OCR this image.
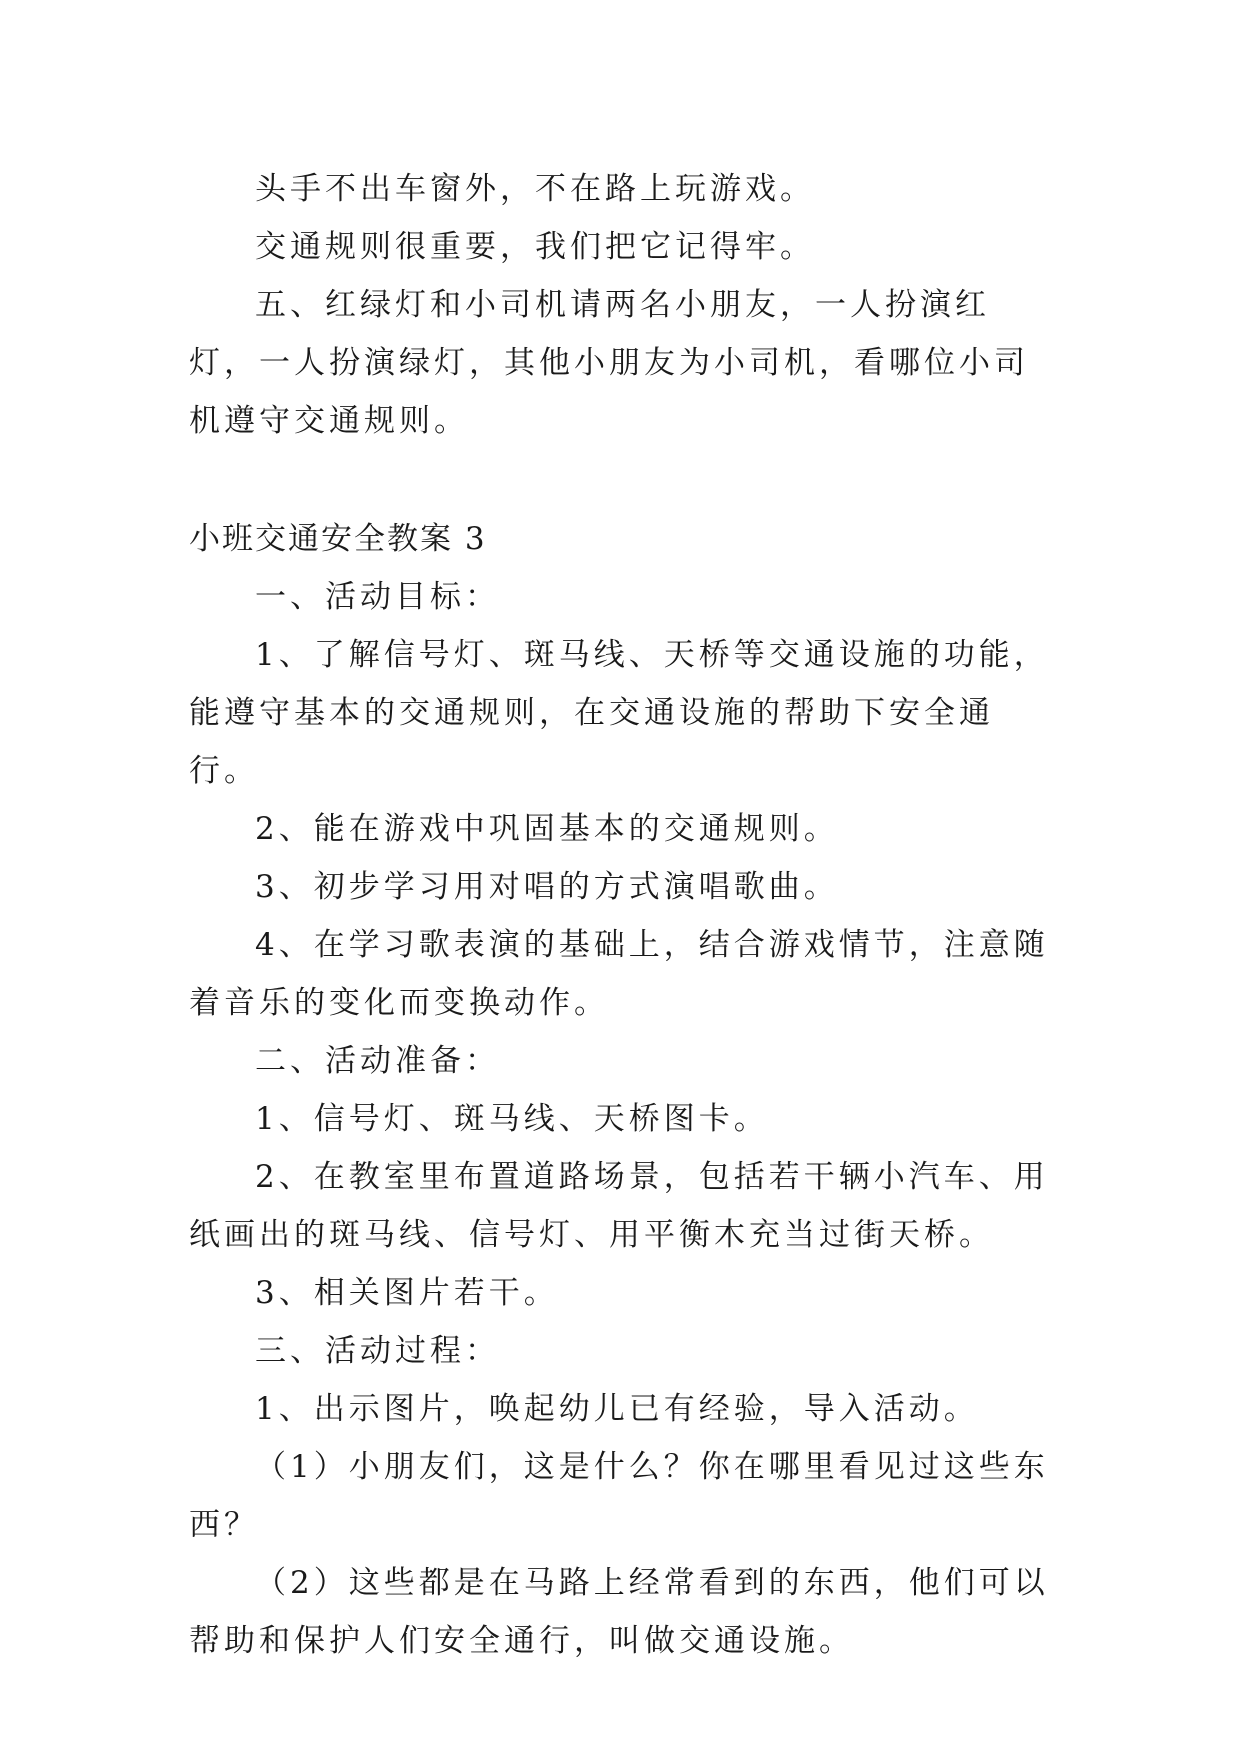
头手不出车窗外，不在路上玩游戏。

交通规则很重要，我们把它记得牢。

五、红绿灯和小司机请两名小朋友，一人扮演红灯，一人扮演绿灯，其他小朋友为小司机，看哪位小司机遵守交通规则。

小班交通安全教案 3

一、活动目标：

1、了解信号灯、斑马线、天桥等交通设施的功能，能遵守基本的交通规则，在交通设施的帮助下安全通行。

2、能在游戏中巩固基本的交通规则。

3、初步学习用对唱的方式演唱歌曲。

4、在学习歌表演的基础上，结合游戏情节，注意随着音乐的变化而变换动作。

二、活动准备：

1、信号灯、斑马线、天桥图卡。

2、在教室里布置道路场景，包括若干辆小汽车、用纸画出的斑马线、信号灯、用平衡木充当过街天桥。

3、相关图片若干。

三、活动过程：

1、出示图片，唤起幼儿已有经验，导入活动。

（1）小朋友们，这是什么？你在哪里看见过这些东西？

（2）这些都是在马路上经常看到的东西，他们可以帮助和保护人们安全通行，叫做交通设施。
